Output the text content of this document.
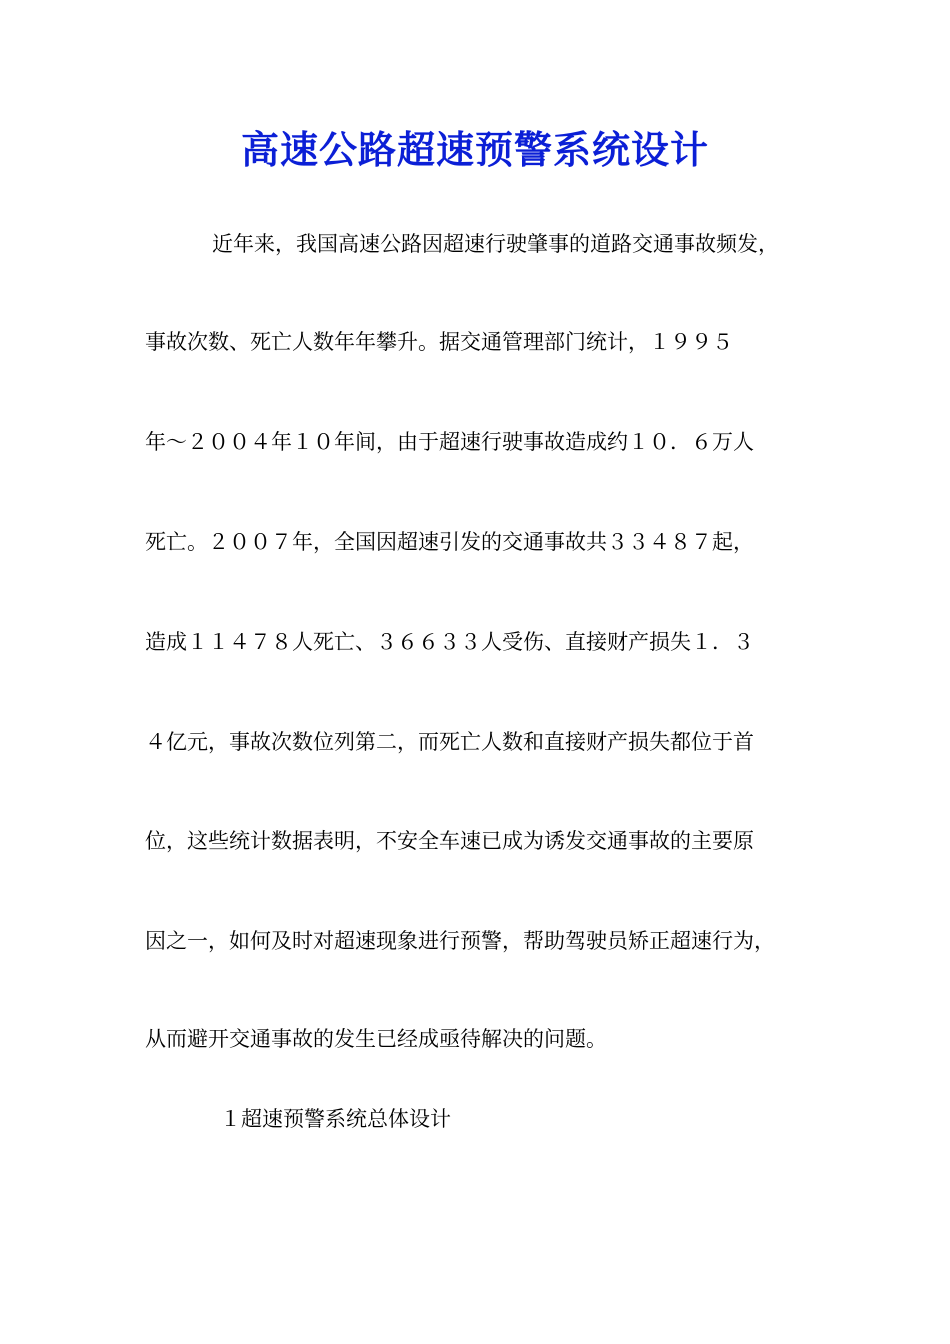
高速公路超速预警系统设计
近年来，我国高速公路因超速行驶肇事的道路交通事故频发，
事故次数、死亡人数年年攀升。据交通管理部门统计，１９９５
年～２００４年１０年间，由于超速行驶事故造成约１０．６万人
死亡。２００７年，全国因超速引发的交通事故共３３４８７起，
造成１１４７８人死亡、３６６３３人受伤、直接财产损失１．３
４亿元，事故次数位列第二，而死亡人数和直接财产损失都位于首
位，这些统计数据表明，不安全车速已成为诱发交通事故的主要原
因之一，如何及时对超速现象进行预警，帮助驾驶员矫正超速行为，
从而避开交通事故的发生已经成亟待解决的问题。
１超速预警系统总体设计
